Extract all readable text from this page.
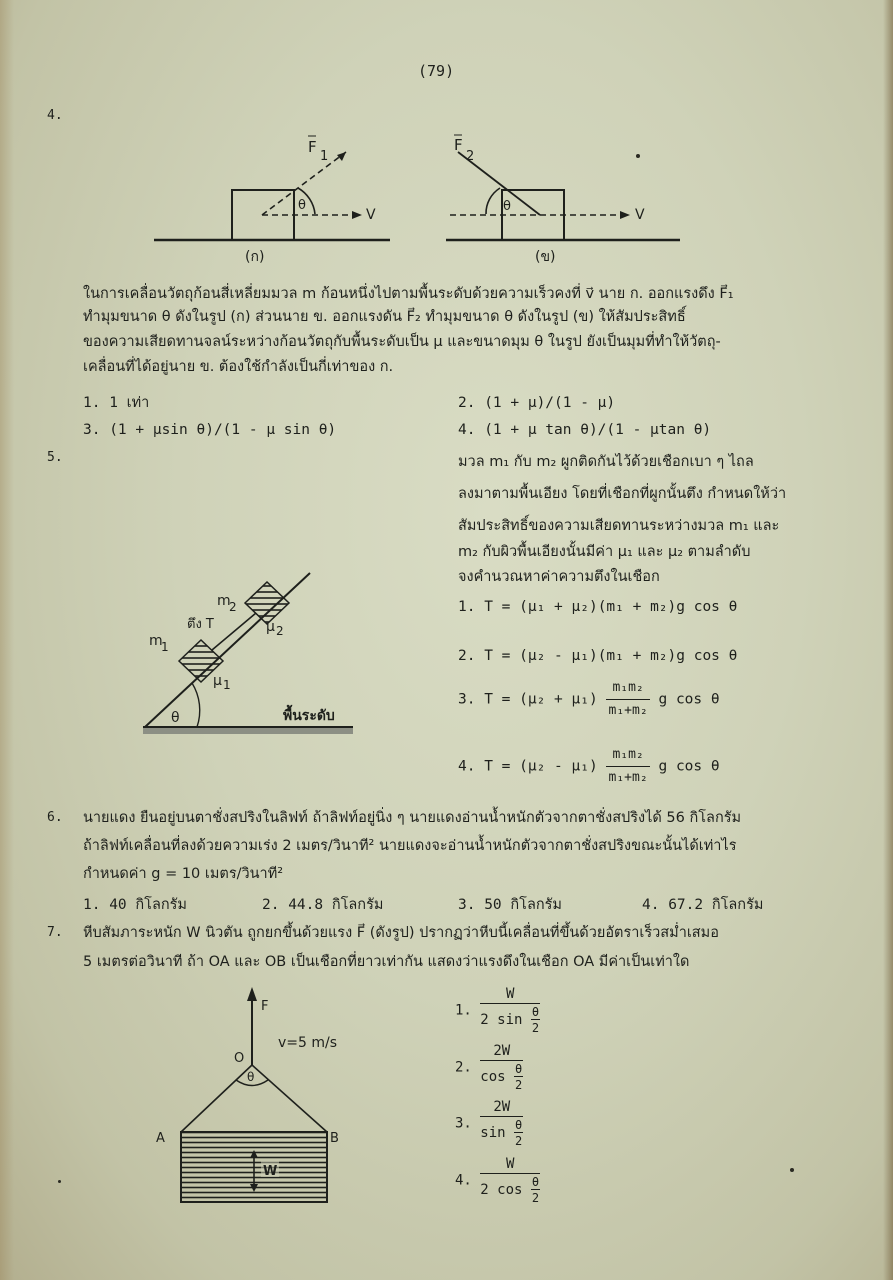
(79)
4.
θ
V
F
1
(ก)
θ
V
F
2
(ข)
ในการเคลื่อนวัตถุก้อนสี่เหลี่ยมมวล m ก้อนหนึ่งไปตามพื้นระดับด้วยความเร็วคงที่ v⃗ นาย ก. ออกแรงดึง F⃗₁
ทำมุมขนาด θ ดังในรูป (ก) ส่วนนาย ข. ออกแรงดัน F⃗₂ ทำมุมขนาด θ ดังในรูป (ข) ให้สัมประสิทธิ์
ของความเสียดทานจลน์ระหว่างก้อนวัตถุกับพื้นระดับเป็น μ และขนาดมุม θ ในรูป ยังเป็นมุมที่ทำให้วัตถุ-
เคลื่อนที่ได้อยู่นาย ข. ต้องใช้กำลังเป็นกี่เท่าของ ก.
1. 1 เท่า	2. (1 + μ)/(1 - μ)
3. (1 + μsin θ)/(1 - μ sin θ)	4. (1 + μ tan θ)/(1 - μtan θ)
5.	มวล m₁ กับ m₂ ผูกติดกันไว้ด้วยเชือกเบา ๆ ไถล
ลงมาตามพื้นเอียง โดยที่เชือกที่ผูกนั้นตึง กำหนดให้ว่า
สัมประสิทธิ์ของความเสียดทานระหว่างมวล m₁ และ
m₂ กับผิวพื้นเอียงนั้นมีค่า μ₁ และ μ₂ ตามลำดับ
จงคำนวณหาค่าความตึงในเชือก
θ
m
1
m
2
ตึง T
μ 1
μ 2
พื้นระดับ
1. T = (μ₁ + μ₂)(m₁ + m₂)g cos θ
2. T = (μ₂ - μ₁)(m₁ + m₂)g cos θ
3. $T = (\mu_2 + \mu_1) \frac{\text{m₁m₂}}{\text{m₁+m₂}}$ g cos θ
4. $T = (\mu_2 - \mu_1) \frac{\text{m₁m₂}}{\text{m₁+m₂}}$ g cos θ
6. นายแดง ยืนอยู่บนตาชั่งสปริงในลิฟท์ ถ้าลิฟท์อยู่นิ่ง ๆ นายแดงอ่านน้ำหนักตัวจากตาชั่งสปริงได้ 56 กิโลกรัม
ถ้าลิฟท์เคลื่อนที่ลงด้วยความเร่ง 2 เมตร/วินาที² นายแดงจะอ่านน้ำหนักตัวจากตาชั่งสปริงขณะนั้นได้เท่าไร
กำหนดค่า g = 10 เมตร/วินาที²
1. 40 กิโลกรัม	2. 44.8 กิโลกรัม	3. 50 กิโลกรัม	4. 67.2 กิโลกรัม
7. หีบสัมภาระหนัก W นิวตัน ถูกยกขึ้นด้วยแรง F⃗ (ดังรูป) ปรากฏว่าหีบนี้เคลื่อนที่ขึ้นด้วยอัตราเร็วสม่ำเสมอ
5 เมตรต่อวินาที ถ้า OA และ OB เป็นเชือกที่ยาวเท่ากัน แสดงว่าแรงดึงในเชือก OA มีค่าเป็นเท่าใด
F
v=5 m/s
O
θ
A	B
W
1. $\frac{W}{2 \sin \frac{\theta}{2}}$
2. $\frac{2W}{\cos \frac{\theta}{2}}$
3. $\frac{2W}{\sin \frac{\theta}{2}}$
4. $\frac{W}{2 \cos \frac{\theta}{2}}$
